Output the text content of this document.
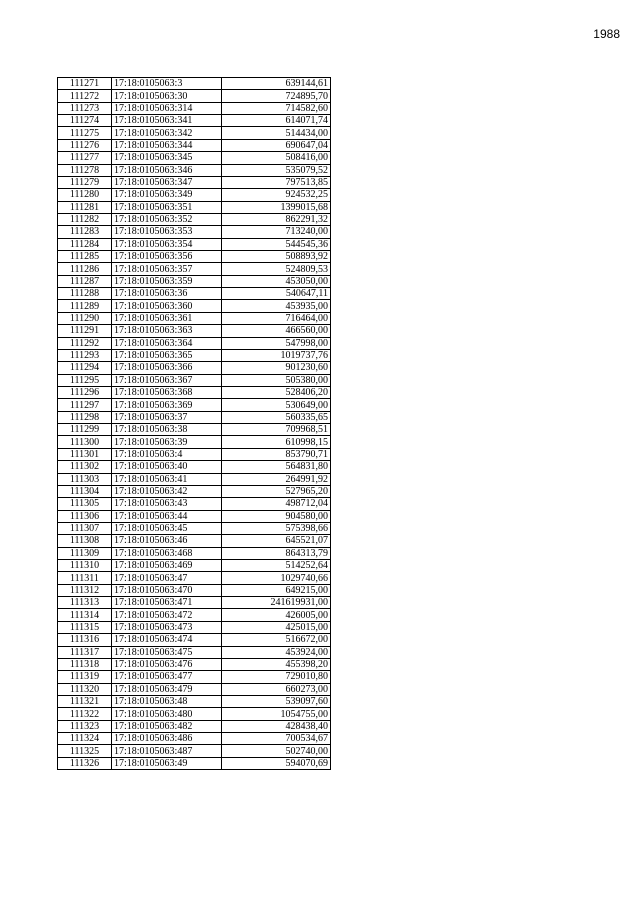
1988
111271	17:18:0105063:3	639144,61
111272	17:18:0105063:30	724895,70
111273	17:18:0105063:314	714582,60
111274	17:18:0105063:341	614071,74
111275	17:18:0105063:342	514434,00
111276	17:18:0105063:344	690647,04
111277	17:18:0105063:345	508416,00
111278	17:18:0105063:346	535079,52
111279	17:18:0105063:347	797513,85
111280	17:18:0105063:349	924532,25
111281	17:18:0105063:351	1399015,68
111282	17:18:0105063:352	862291,32
111283	17:18:0105063:353	713240,00
111284	17:18:0105063:354	544545,36
111285	17:18:0105063:356	508893,92
111286	17:18:0105063:357	524809,53
111287	17:18:0105063:359	453050,00
111288	17:18:0105063:36	540647,11
111289	17:18:0105063:360	453935,00
111290	17:18:0105063:361	716464,00
111291	17:18:0105063:363	466560,00
111292	17:18:0105063:364	547998,00
111293	17:18:0105063:365	1019737,76
111294	17:18:0105063:366	901230,60
111295	17:18:0105063:367	505380,00
111296	17:18:0105063:368	528406,20
111297	17:18:0105063:369	530649,00
111298	17:18:0105063:37	560335,65
111299	17:18:0105063:38	709968,51
111300	17:18:0105063:39	610998,15
111301	17:18:0105063:4	853790,71
111302	17:18:0105063:40	564831,80
111303	17:18:0105063:41	264991,92
111304	17:18:0105063:42	527965,20
111305	17:18:0105063:43	498712,04
111306	17:18:0105063:44	904580,00
111307	17:18:0105063:45	575398,66
111308	17:18:0105063:46	645521,07
111309	17:18:0105063:468	864313,79
111310	17:18:0105063:469	514252,64
111311	17:18:0105063:47	1029740,66
111312	17:18:0105063:470	649215,00
111313	17:18:0105063:471	241619931,00
111314	17:18:0105063:472	426005,00
111315	17:18:0105063:473	425015,00
111316	17:18:0105063:474	516672,00
111317	17:18:0105063:475	453924,00
111318	17:18:0105063:476	455398,20
111319	17:18:0105063:477	729010,80
111320	17:18:0105063:479	660273,00
111321	17:18:0105063:48	539097,60
111322	17:18:0105063:480	1054755,00
111323	17:18:0105063:482	428438,40
111324	17:18:0105063:486	700534,67
111325	17:18:0105063:487	502740,00
111326	17:18:0105063:49	594070,69
